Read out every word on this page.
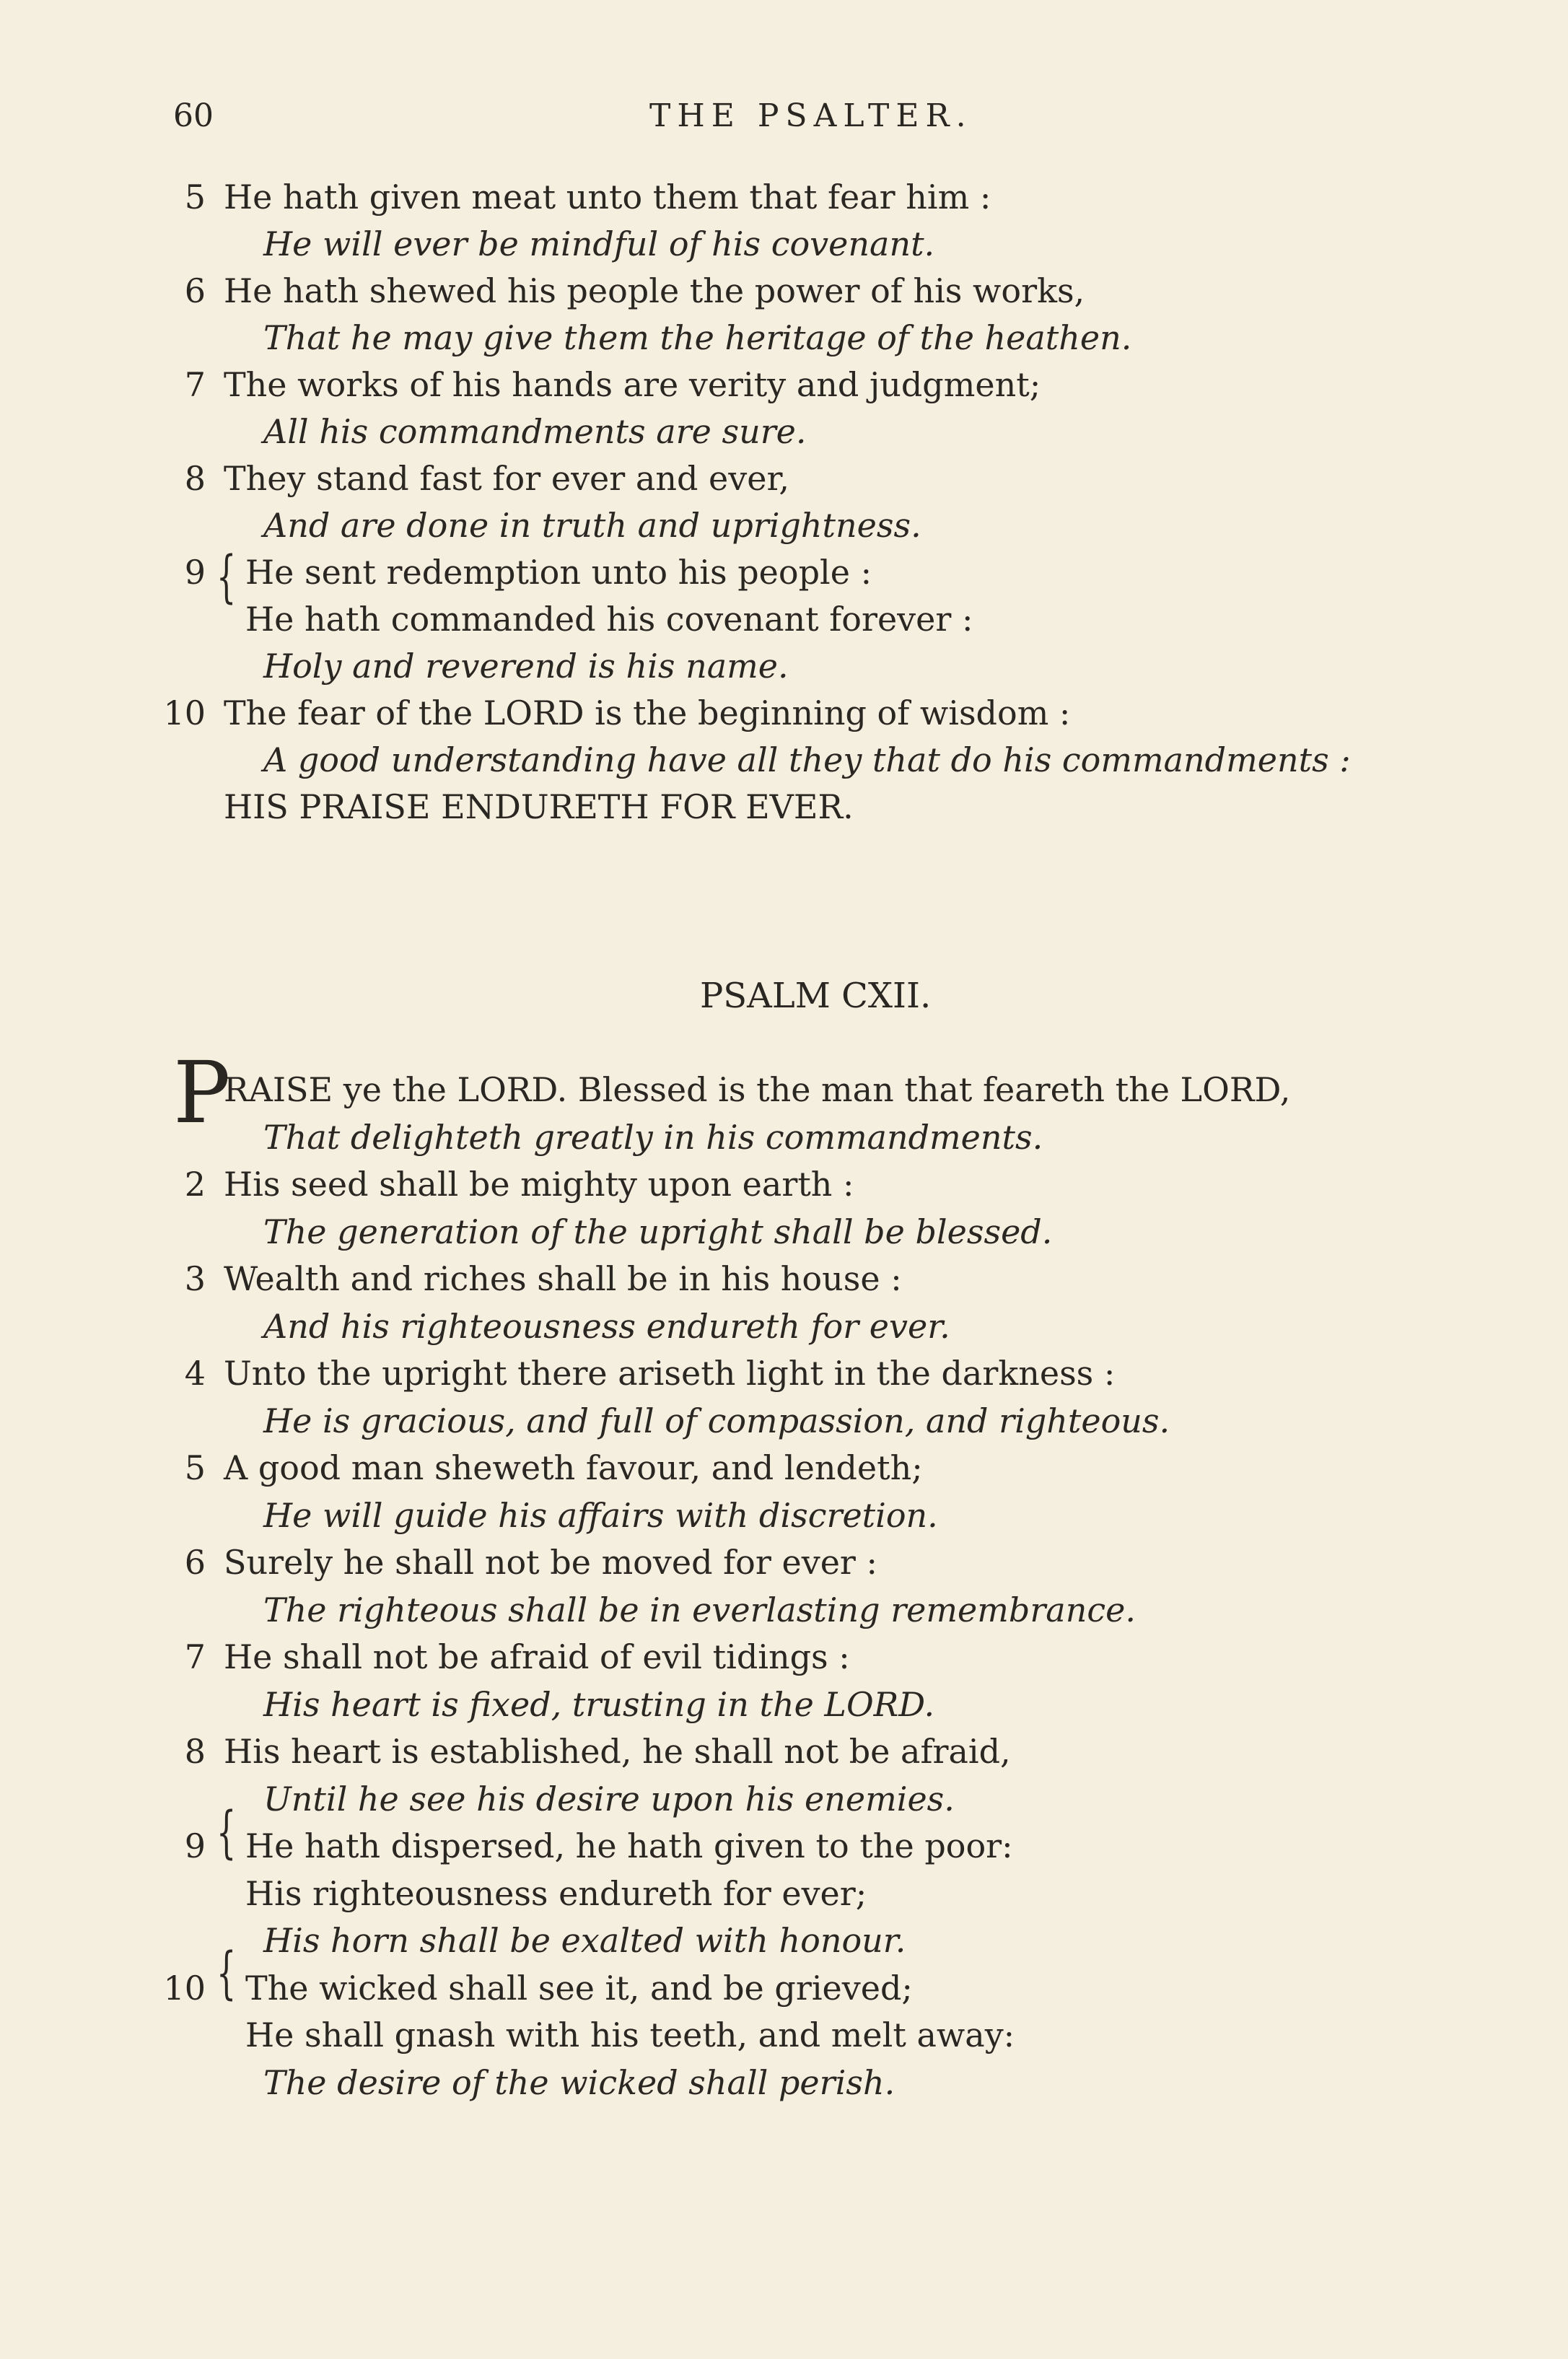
60	THE PSALTER.
5 He hath given meat unto them that fear him :
He will ever be mindful of his covenant.
6 He hath shewed his people the power of his works,
That he may give them the heritage of the heathen.
7 The works of his hands are verity and judgment;
All his commandments are sure.
8 They stand fast for ever and ever,
And are done in truth and uprightness.
9 He sent redemption unto his people :
He hath commanded his covenant forever :
Holy and reverend is his name.
10 The fear of the LORD is the beginning of wisdom :
A good understanding have all they that do his commandments :
HIS PRAISE ENDURETH FOR EVER.
PSALM CXII.
P
RAISE ye the LORD. Blessed is the man that feareth the LORD,
That delighteth greatly in his commandments.
2 His seed shall be mighty upon earth :
The generation of the upright shall be blessed.
3 Wealth and riches shall be in his house :
And his righteousness endureth for ever.
4 Unto the upright there ariseth light in the darkness :
He is gracious, and full of compassion, and righteous.
5 A good man sheweth favour, and lendeth;
He will guide his affairs with discretion.
6 Surely he shall not be moved for ever :
The righteous shall be in everlasting remembrance.
7 He shall not be afraid of evil tidings :
His heart is fixed, trusting in the LORD.
8 His heart is established, he shall not be afraid,
Until he see his desire upon his enemies.
9 He hath dispersed, he hath given to the poor:
His righteousness endureth for ever;
His horn shall be exalted with honour.
10 The wicked shall see it, and be grieved;
He shall gnash with his teeth, and melt away:
The desire of the wicked shall perish.
{
{
{
